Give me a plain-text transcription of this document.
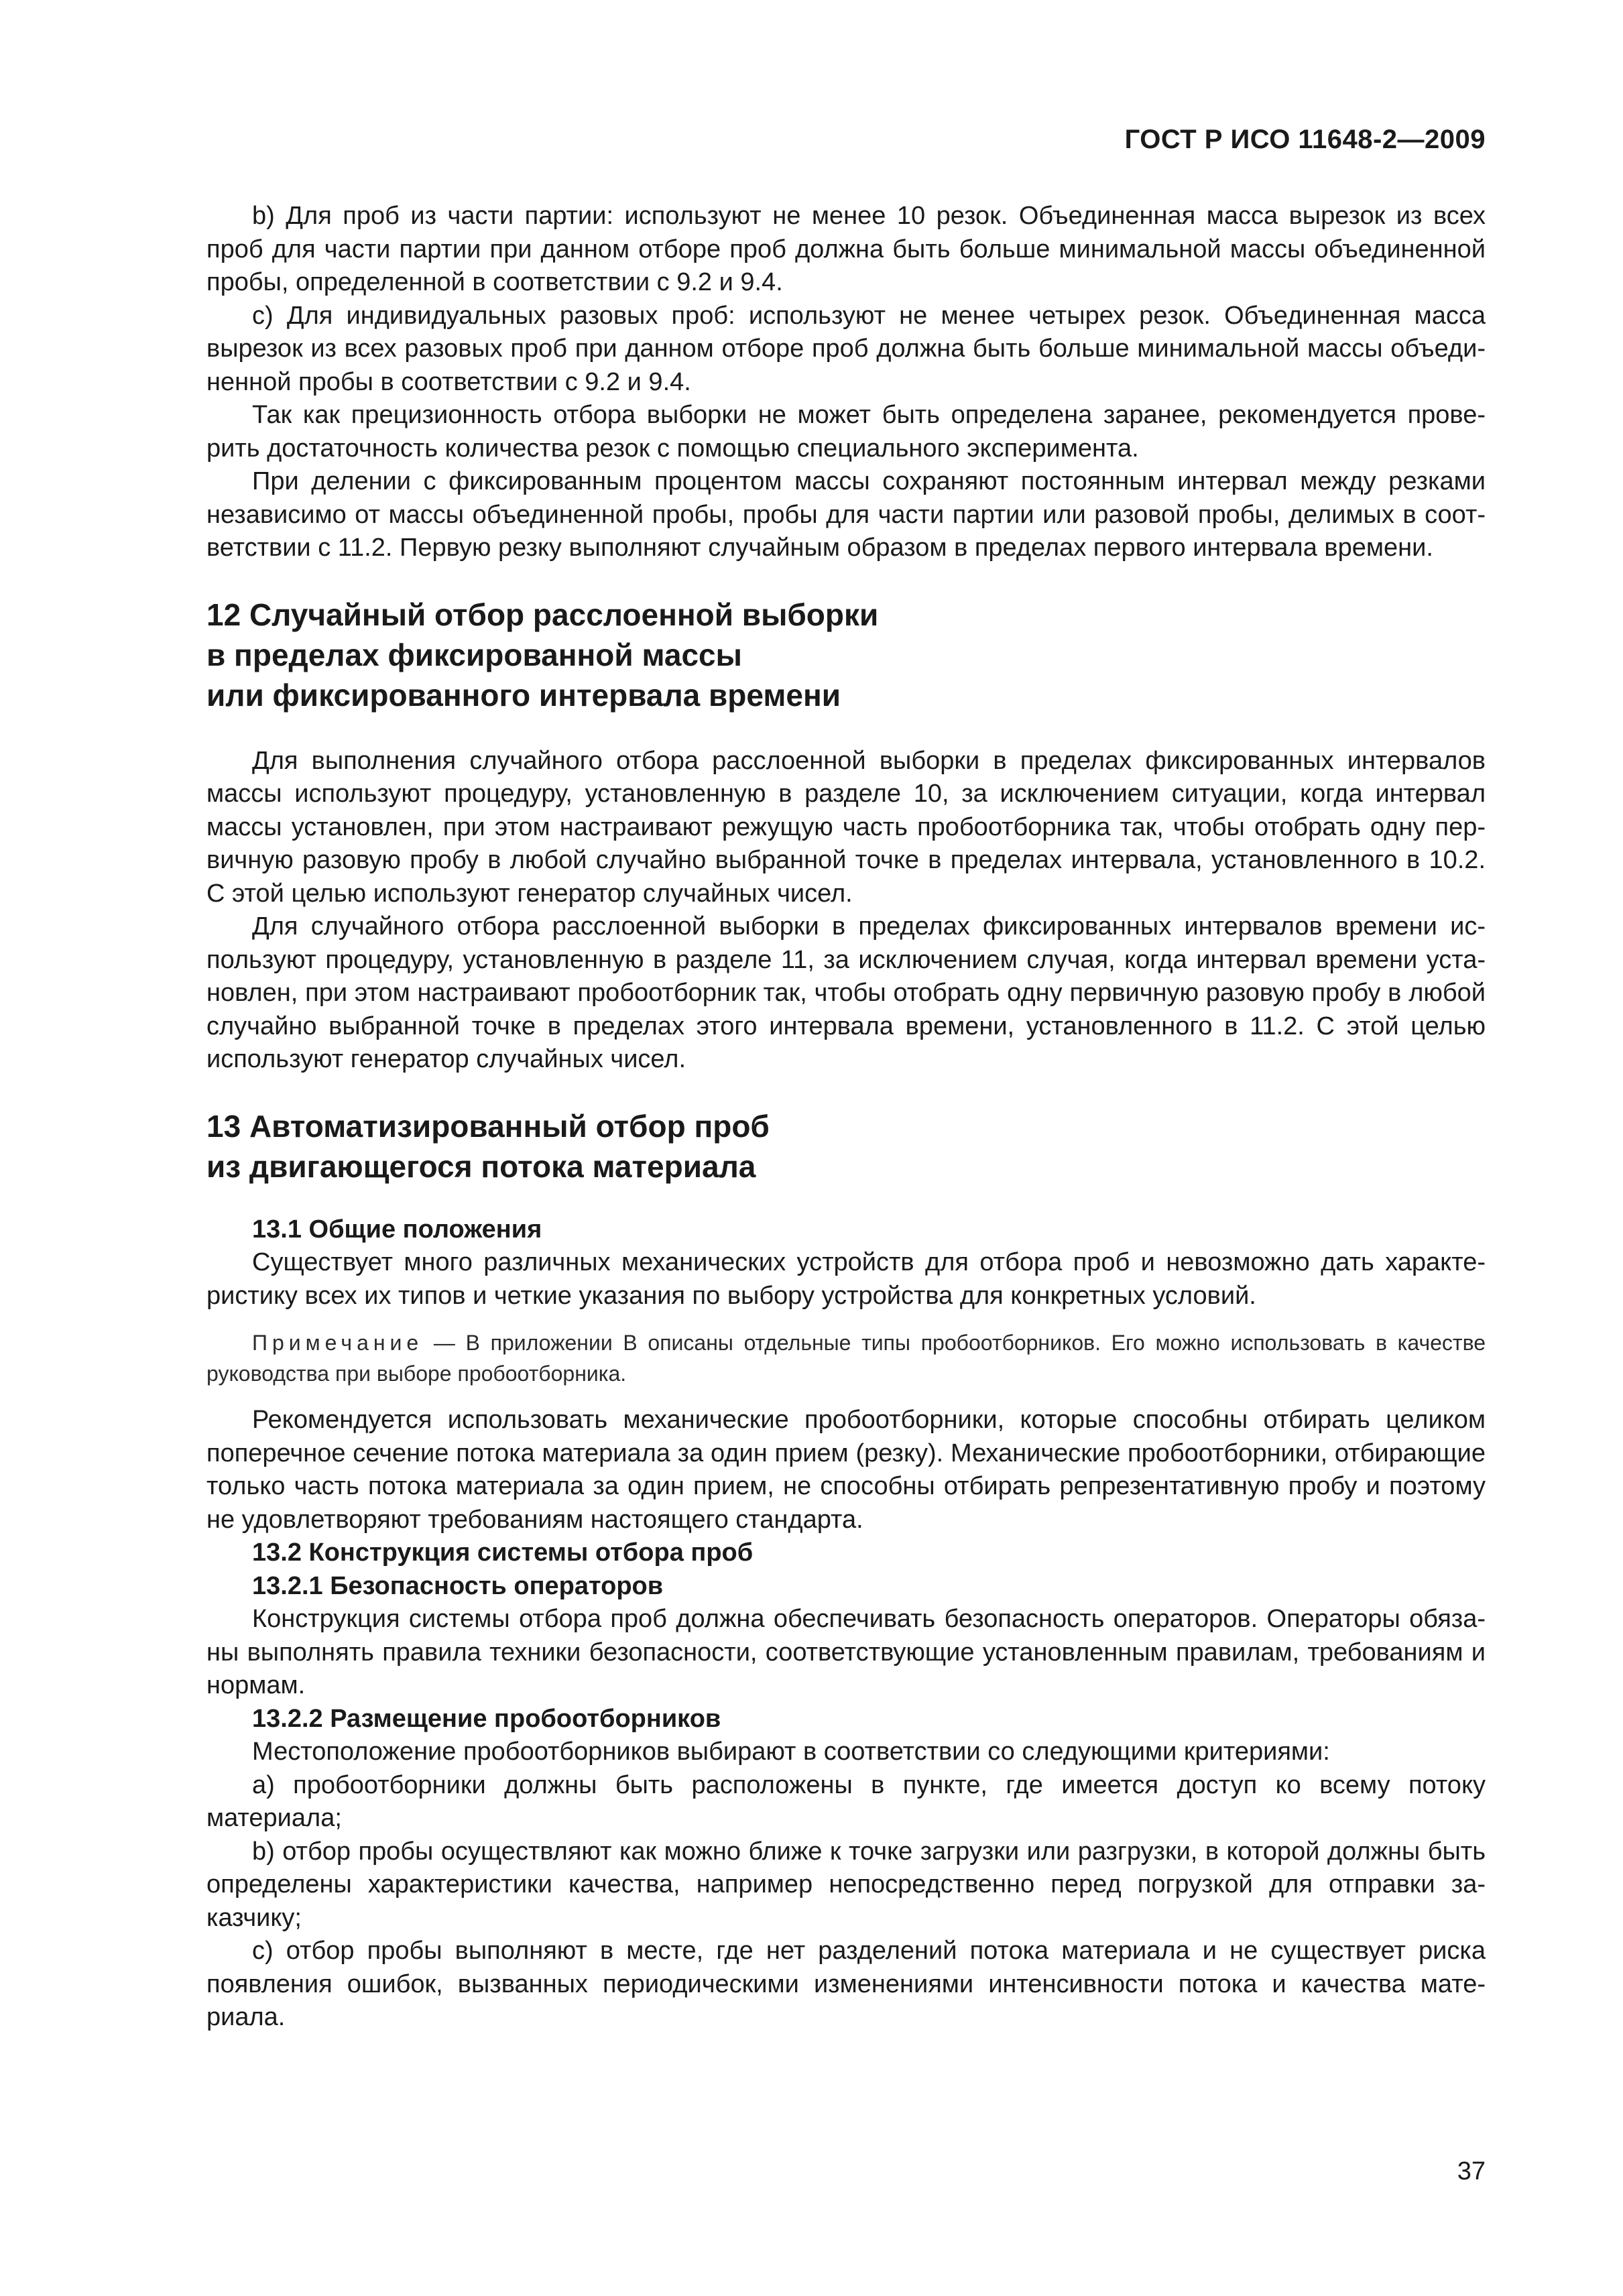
ГОСТ Р ИСО 11648-2—2009

b) Для проб из части партии: используют не менее 10 резок. Объединенная масса вырезок из всех проб для части партии при данном отборе проб должна быть больше минимальной массы объединенной пробы, определенной в соответствии с 9.2 и 9.4.

c) Для индивидуальных разовых проб: используют не менее четырех резок. Объединенная масса вырезок из всех разовых проб при данном отборе проб должна быть больше минимальной массы объединенной пробы в соответствии с 9.2 и 9.4.

Так как прецизионность отбора выборки не может быть определена заранее, рекомендуется проверить достаточность количества резок с помощью специального эксперимента.

При делении с фиксированным процентом массы сохраняют постоянным интервал между резками независимо от массы объединенной пробы, пробы для части партии или разовой пробы, делимых в соответствии с 11.2. Первую резку выполняют случайным образом в пределах первого интервала времени.

12 Случайный отбор расслоенной выборки

в пределах фиксированной массы

или фиксированного интервала времени

Для выполнения случайного отбора расслоенной выборки в пределах фиксированных интервалов массы используют процедуру, установленную в разделе 10, за исключением ситуации, когда интервал массы установлен, при этом настраивают режущую часть пробоотборника так, чтобы отобрать одну первичную разовую пробу в любой случайно выбранной точке в пределах интервала, установленного в 10.2. С этой целью используют генератор случайных чисел.

Для случайного отбора расслоенной выборки в пределах фиксированных интервалов времени используют процедуру, установленную в разделе 11, за исключением случая, когда интервал времени установлен, при этом настраивают пробоотборник так, чтобы отобрать одну первичную разовую пробу в любой случайно выбранной точке в пределах этого интервала времени, установленного в 11.2. С этой целью используют генератор случайных чисел.

13 Автоматизированный отбор проб

из двигающегося потока материала

13.1 Общие положения

Существует много различных механических устройств для отбора проб и невозможно дать характеристику всех их типов и четкие указания по выбору устройства для конкретных условий.

Примечание — В приложении В описаны отдельные типы пробоотборников. Его можно использовать в качестве руководства при выборе пробоотборника.

Рекомендуется использовать механические пробоотборники, которые способны отбирать целиком поперечное сечение потока материала за один прием (резку). Механические пробоотборники, отбирающие только часть потока материала за один прием, не способны отбирать репрезентативную пробу и поэтому не удовлетворяют требованиям настоящего стандарта.

13.2 Конструкция системы отбора проб

13.2.1 Безопасность операторов

Конструкция системы отбора проб должна обеспечивать безопасность операторов. Операторы обязаны выполнять правила техники безопасности, соответствующие установленным правилам, требованиям и нормам.

13.2.2 Размещение пробоотборников

Местоположение пробоотборников выбирают в соответствии со следующими критериями:

а) пробоотборники должны быть расположены в пункте, где имеется доступ ко всему потоку материала;

b) отбор пробы осуществляют как можно ближе к точке загрузки или разгрузки, в которой должны быть определены характеристики качества, например непосредственно перед погрузкой для отправки заказчику;

c) отбор пробы выполняют в месте, где нет разделений потока материала и не существует риска появления ошибок, вызванных периодическими изменениями интенсивности потока и качества материала.

37
